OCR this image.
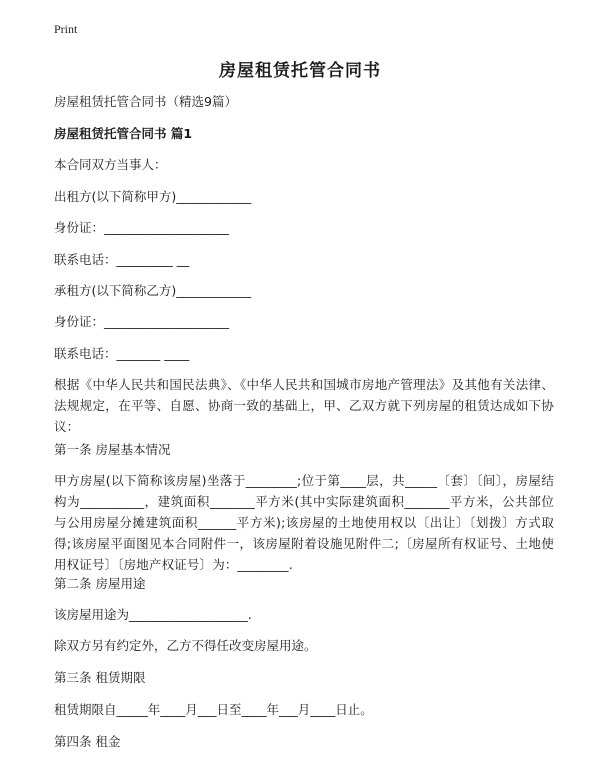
Print
房屋租赁托管合同书
房屋租赁托管合同书（精选9篇）
房屋租赁托管合同书 篇1
本合同双方当事人：
出租方(以下简称甲方)____________
身份证：____________________
联系电话：_________ __
承租方(以下简称乙方)____________
身份证：____________________
联系电话：_______ ____
根据《中华人民共和国民法典》、《中华人民共和国城市房地产管理法》及其他有关法律、法规规定，在平等、自愿、协商一致的基础上，甲、乙双方就下列房屋的租赁达成如下协议：
第一条 房屋基本情况
甲方房屋(以下简称该房屋)坐落于________;位于第____层，共_____〔套〕〔间〕，房屋结构为__________，建筑面积_______平方米(其中实际建筑面积_______平方米，公共部位与公用房屋分摊建筑面积______平方米);该房屋的土地使用权以〔出让〕〔划拨〕方式取得;该房屋平面图见本合同附件一，该房屋附着设施见附件二;〔房屋所有权证号、土地使用权证号〕〔房地产权证号〕为：________.
第二条 房屋用途
该房屋用途为___________________.
除双方另有约定外，乙方不得任改变房屋用途。
第三条 租赁期限
租赁期限自_____年____月___日至____年___月____日止。
第四条 租金
